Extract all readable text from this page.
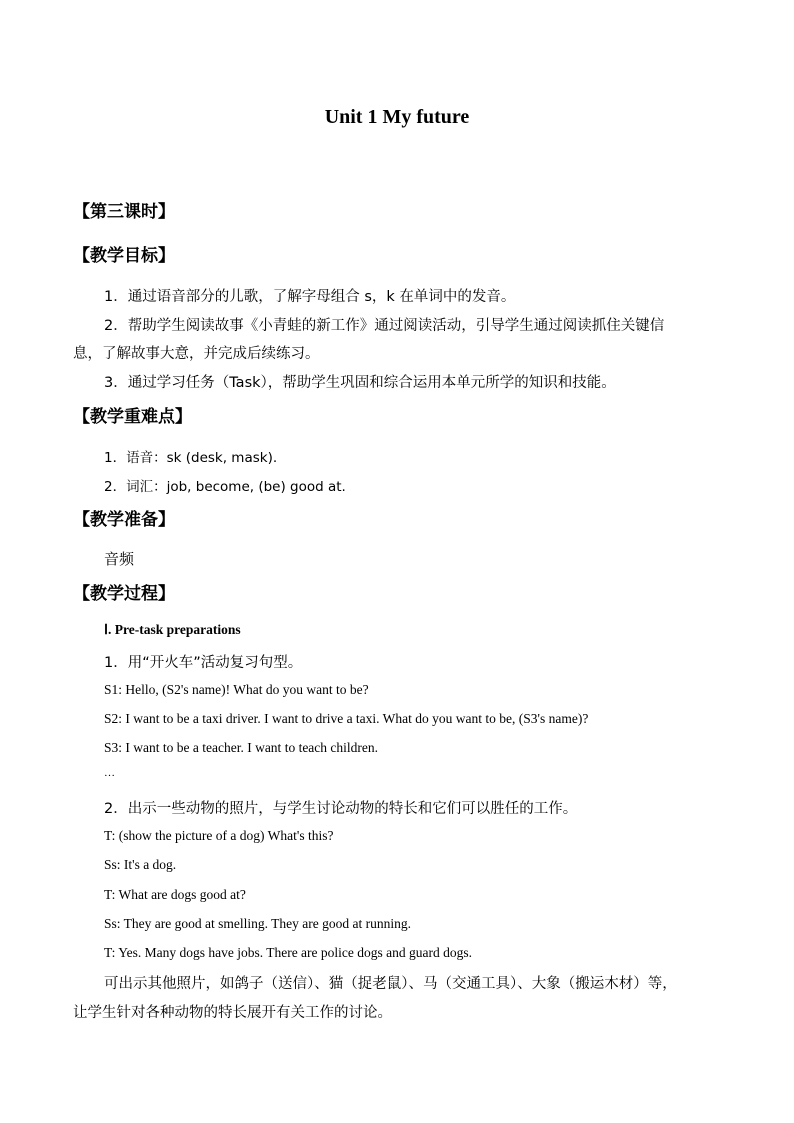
Unit 1 My future
【第三课时】
【教学目标】
1．通过语音部分的儿歌，了解字母组合 s，k 在单词中的发音。
2．帮助学生阅读故事《小青蛙的新工作》通过阅读活动，引导学生通过阅读抓住关键信
息，了解故事大意，并完成后续练习。
3．通过学习任务（Task），帮助学生巩固和综合运用本单元所学的知识和技能。
【教学重难点】
1．语音：sk (desk, mask).
2．词汇：job, become, (be) good at.
【教学准备】
音频
【教学过程】
Ⅰ. Pre-task preparations
1．用“开火车”活动复习句型。
S1: Hello, (S2's name)! What do you want to be?
S2: I want to be a taxi driver. I want to drive a taxi. What do you want to be, (S3's name)?
S3: I want to be a teacher. I want to teach children.
…
2．出示一些动物的照片，与学生讨论动物的特长和它们可以胜任的工作。
T: (show the picture of a dog) What's this?
Ss: It's a dog.
T: What are dogs good at?
Ss: They are good at smelling. They are good at running.
T: Yes. Many dogs have jobs. There are police dogs and guard dogs.
可出示其他照片，如鸽子（送信）、猫（捉老鼠）、马（交通工具）、大象（搬运木材）等，
让学生针对各种动物的特长展开有关工作的讨论。
